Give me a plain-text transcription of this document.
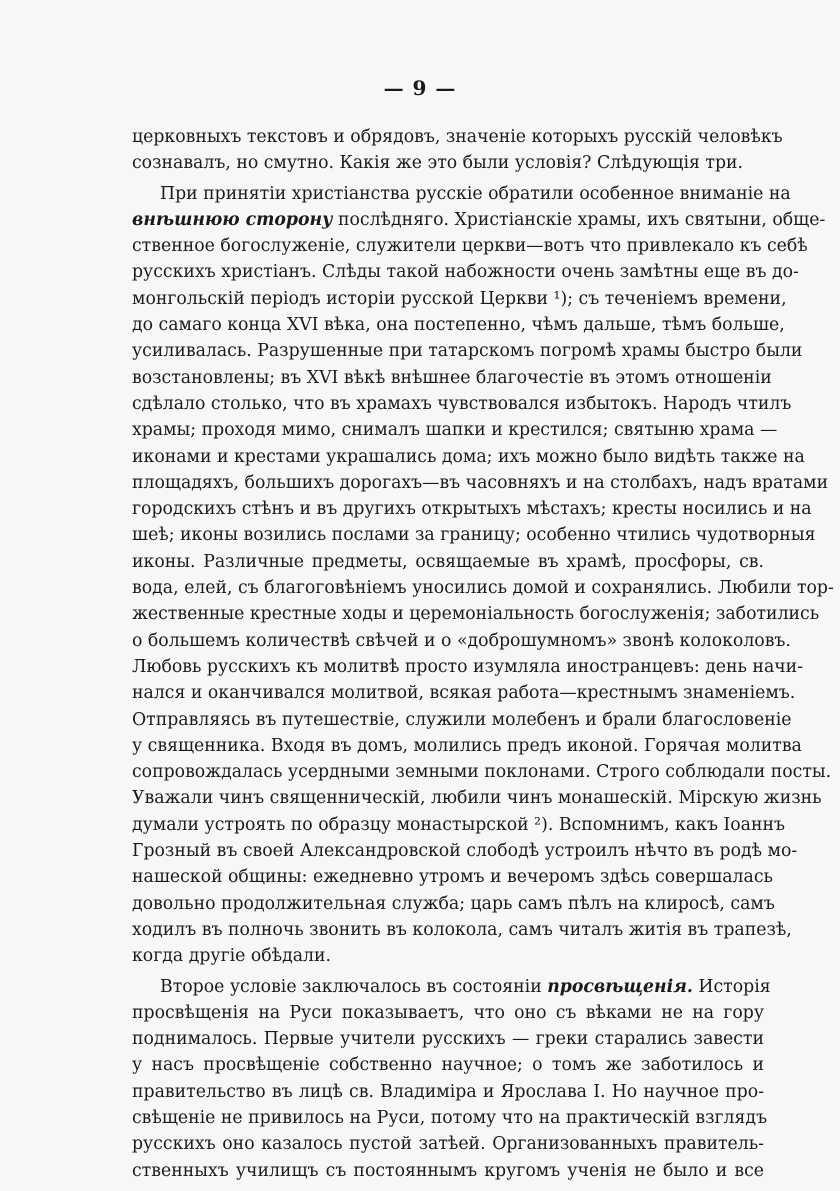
— 9 —
церковныхъ текстовъ и обрядовъ, значеніе которыхъ русскій человѣкъ
сознавалъ, но смутно. Какія же это были условія? Слѣдующія три.
При принятіи христіанства русскіе обратили особенное вниманіе на
внѣшнюю сторону послѣдняго. Христіанскіе храмы, ихъ святыни, обще-
ственное богослуженіе, служители церкви—вотъ что привлекало къ себѣ
русскихъ христіанъ. Слѣды такой набожности очень замѣтны еще въ до-
монгольскій періодъ исторіи русской Церкви ¹); съ теченіемъ времени,
до самаго конца XVI вѣка, она постепенно, чѣмъ дальше, тѣмъ больше,
усиливалась. Разрушенные при татарскомъ погромѣ храмы быстро были
возстановлены; въ XVI вѣкѣ внѣшнее благочестіе въ этомъ отношеніи
сдѣлало столько, что въ храмахъ чувствовался избытокъ. Народъ чтилъ
храмы; проходя мимо, снималъ шапки и крестился; святыню храма —
иконами и крестами украшались дома; ихъ можно было видѣть также на
площадяхъ, большихъ дорогахъ—въ часовняхъ и на столбахъ, надъ вратами
городскихъ стѣнъ и въ другихъ открытыхъ мѣстахъ; кресты носились и на
шеѣ; иконы возились послами за границу; особенно чтились чудотворныя
иконы. Различные предметы, освящаемые въ храмѣ, просфоры, св.
вода, елей, съ благоговѣніемъ уносились домой и сохранялись. Любили тор-
жественные крестные ходы и церемоніальность богослуженія; заботились
о большемъ количествѣ свѣчей и о «доброшумномъ» звонѣ колоколовъ.
Любовь русскихъ къ молитвѣ просто изумляла иностранцевъ: день начи-
нался и оканчивался молитвой, всякая работа—крестнымъ знаменіемъ.
Отправляясь въ путешествіе, служили молебенъ и брали благословеніе
у священника. Входя въ домъ, молились предъ иконой. Горячая молитва
сопровождалась усердными земными поклонами. Строго соблюдали посты.
Уважали чинъ священническій, любили чинъ монашескій. Мірскую жизнь
думали устроять по образцу монастырской ²). Вспомнимъ, какъ Іоаннъ
Грозный въ своей Александровской слободѣ устроилъ нѣчто въ родѣ мо-
нашеской общины: ежедневно утромъ и вечеромъ здѣсь совершалась
довольно продолжительная служба; царь самъ пѣлъ на клиросѣ, самъ
ходилъ въ полночь звонить въ колокола, самъ читалъ житія въ трапезѣ,
когда другіе обѣдали.
Второе условіе заключалось въ состояніи просвѣщенія. Исторія
просвѣщенія на Руси показываетъ, что оно съ вѣками не на гору
поднималось. Первые учители русскихъ — греки старались завести
у насъ просвѣщеніе собственно научное; о томъ же заботилось и
правительство въ лицѣ св. Владиміра и Ярослава I. Но научное про-
свѣщеніе не привилось на Руси, потому что на практическій взглядъ
русскихъ оно казалось пустой затѣей. Организованныхъ правитель-
ственныхъ училищъ съ постояннымъ кругомъ ученія не было и все
